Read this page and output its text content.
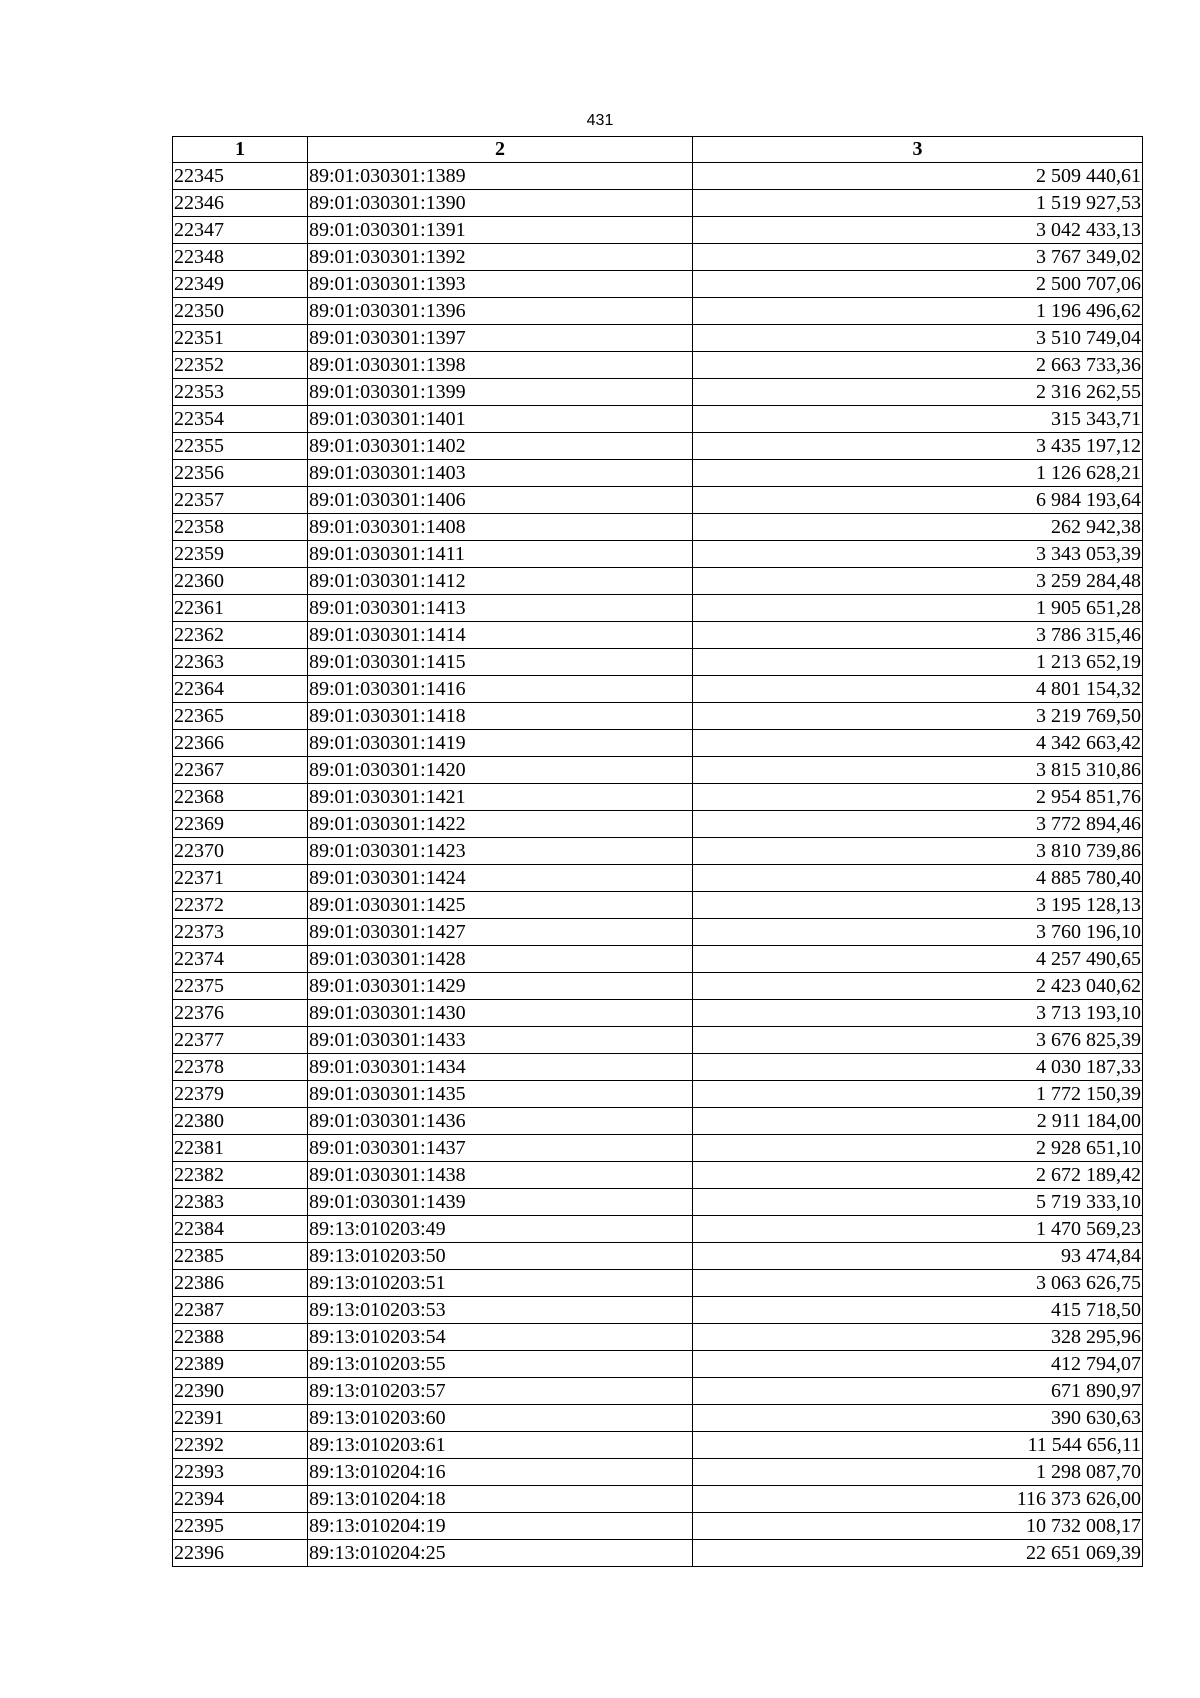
431
1	2	3
22345	89:01:030301:1389	2 509 440,61
22346	89:01:030301:1390	1 519 927,53
22347	89:01:030301:1391	3 042 433,13
22348	89:01:030301:1392	3 767 349,02
22349	89:01:030301:1393	2 500 707,06
22350	89:01:030301:1396	1 196 496,62
22351	89:01:030301:1397	3 510 749,04
22352	89:01:030301:1398	2 663 733,36
22353	89:01:030301:1399	2 316 262,55
22354	89:01:030301:1401	315 343,71
22355	89:01:030301:1402	3 435 197,12
22356	89:01:030301:1403	1 126 628,21
22357	89:01:030301:1406	6 984 193,64
22358	89:01:030301:1408	262 942,38
22359	89:01:030301:1411	3 343 053,39
22360	89:01:030301:1412	3 259 284,48
22361	89:01:030301:1413	1 905 651,28
22362	89:01:030301:1414	3 786 315,46
22363	89:01:030301:1415	1 213 652,19
22364	89:01:030301:1416	4 801 154,32
22365	89:01:030301:1418	3 219 769,50
22366	89:01:030301:1419	4 342 663,42
22367	89:01:030301:1420	3 815 310,86
22368	89:01:030301:1421	2 954 851,76
22369	89:01:030301:1422	3 772 894,46
22370	89:01:030301:1423	3 810 739,86
22371	89:01:030301:1424	4 885 780,40
22372	89:01:030301:1425	3 195 128,13
22373	89:01:030301:1427	3 760 196,10
22374	89:01:030301:1428	4 257 490,65
22375	89:01:030301:1429	2 423 040,62
22376	89:01:030301:1430	3 713 193,10
22377	89:01:030301:1433	3 676 825,39
22378	89:01:030301:1434	4 030 187,33
22379	89:01:030301:1435	1 772 150,39
22380	89:01:030301:1436	2 911 184,00
22381	89:01:030301:1437	2 928 651,10
22382	89:01:030301:1438	2 672 189,42
22383	89:01:030301:1439	5 719 333,10
22384	89:13:010203:49	1 470 569,23
22385	89:13:010203:50	93 474,84
22386	89:13:010203:51	3 063 626,75
22387	89:13:010203:53	415 718,50
22388	89:13:010203:54	328 295,96
22389	89:13:010203:55	412 794,07
22390	89:13:010203:57	671 890,97
22391	89:13:010203:60	390 630,63
22392	89:13:010203:61	11 544 656,11
22393	89:13:010204:16	1 298 087,70
22394	89:13:010204:18	116 373 626,00
22395	89:13:010204:19	10 732 008,17
22396	89:13:010204:25	22 651 069,39
